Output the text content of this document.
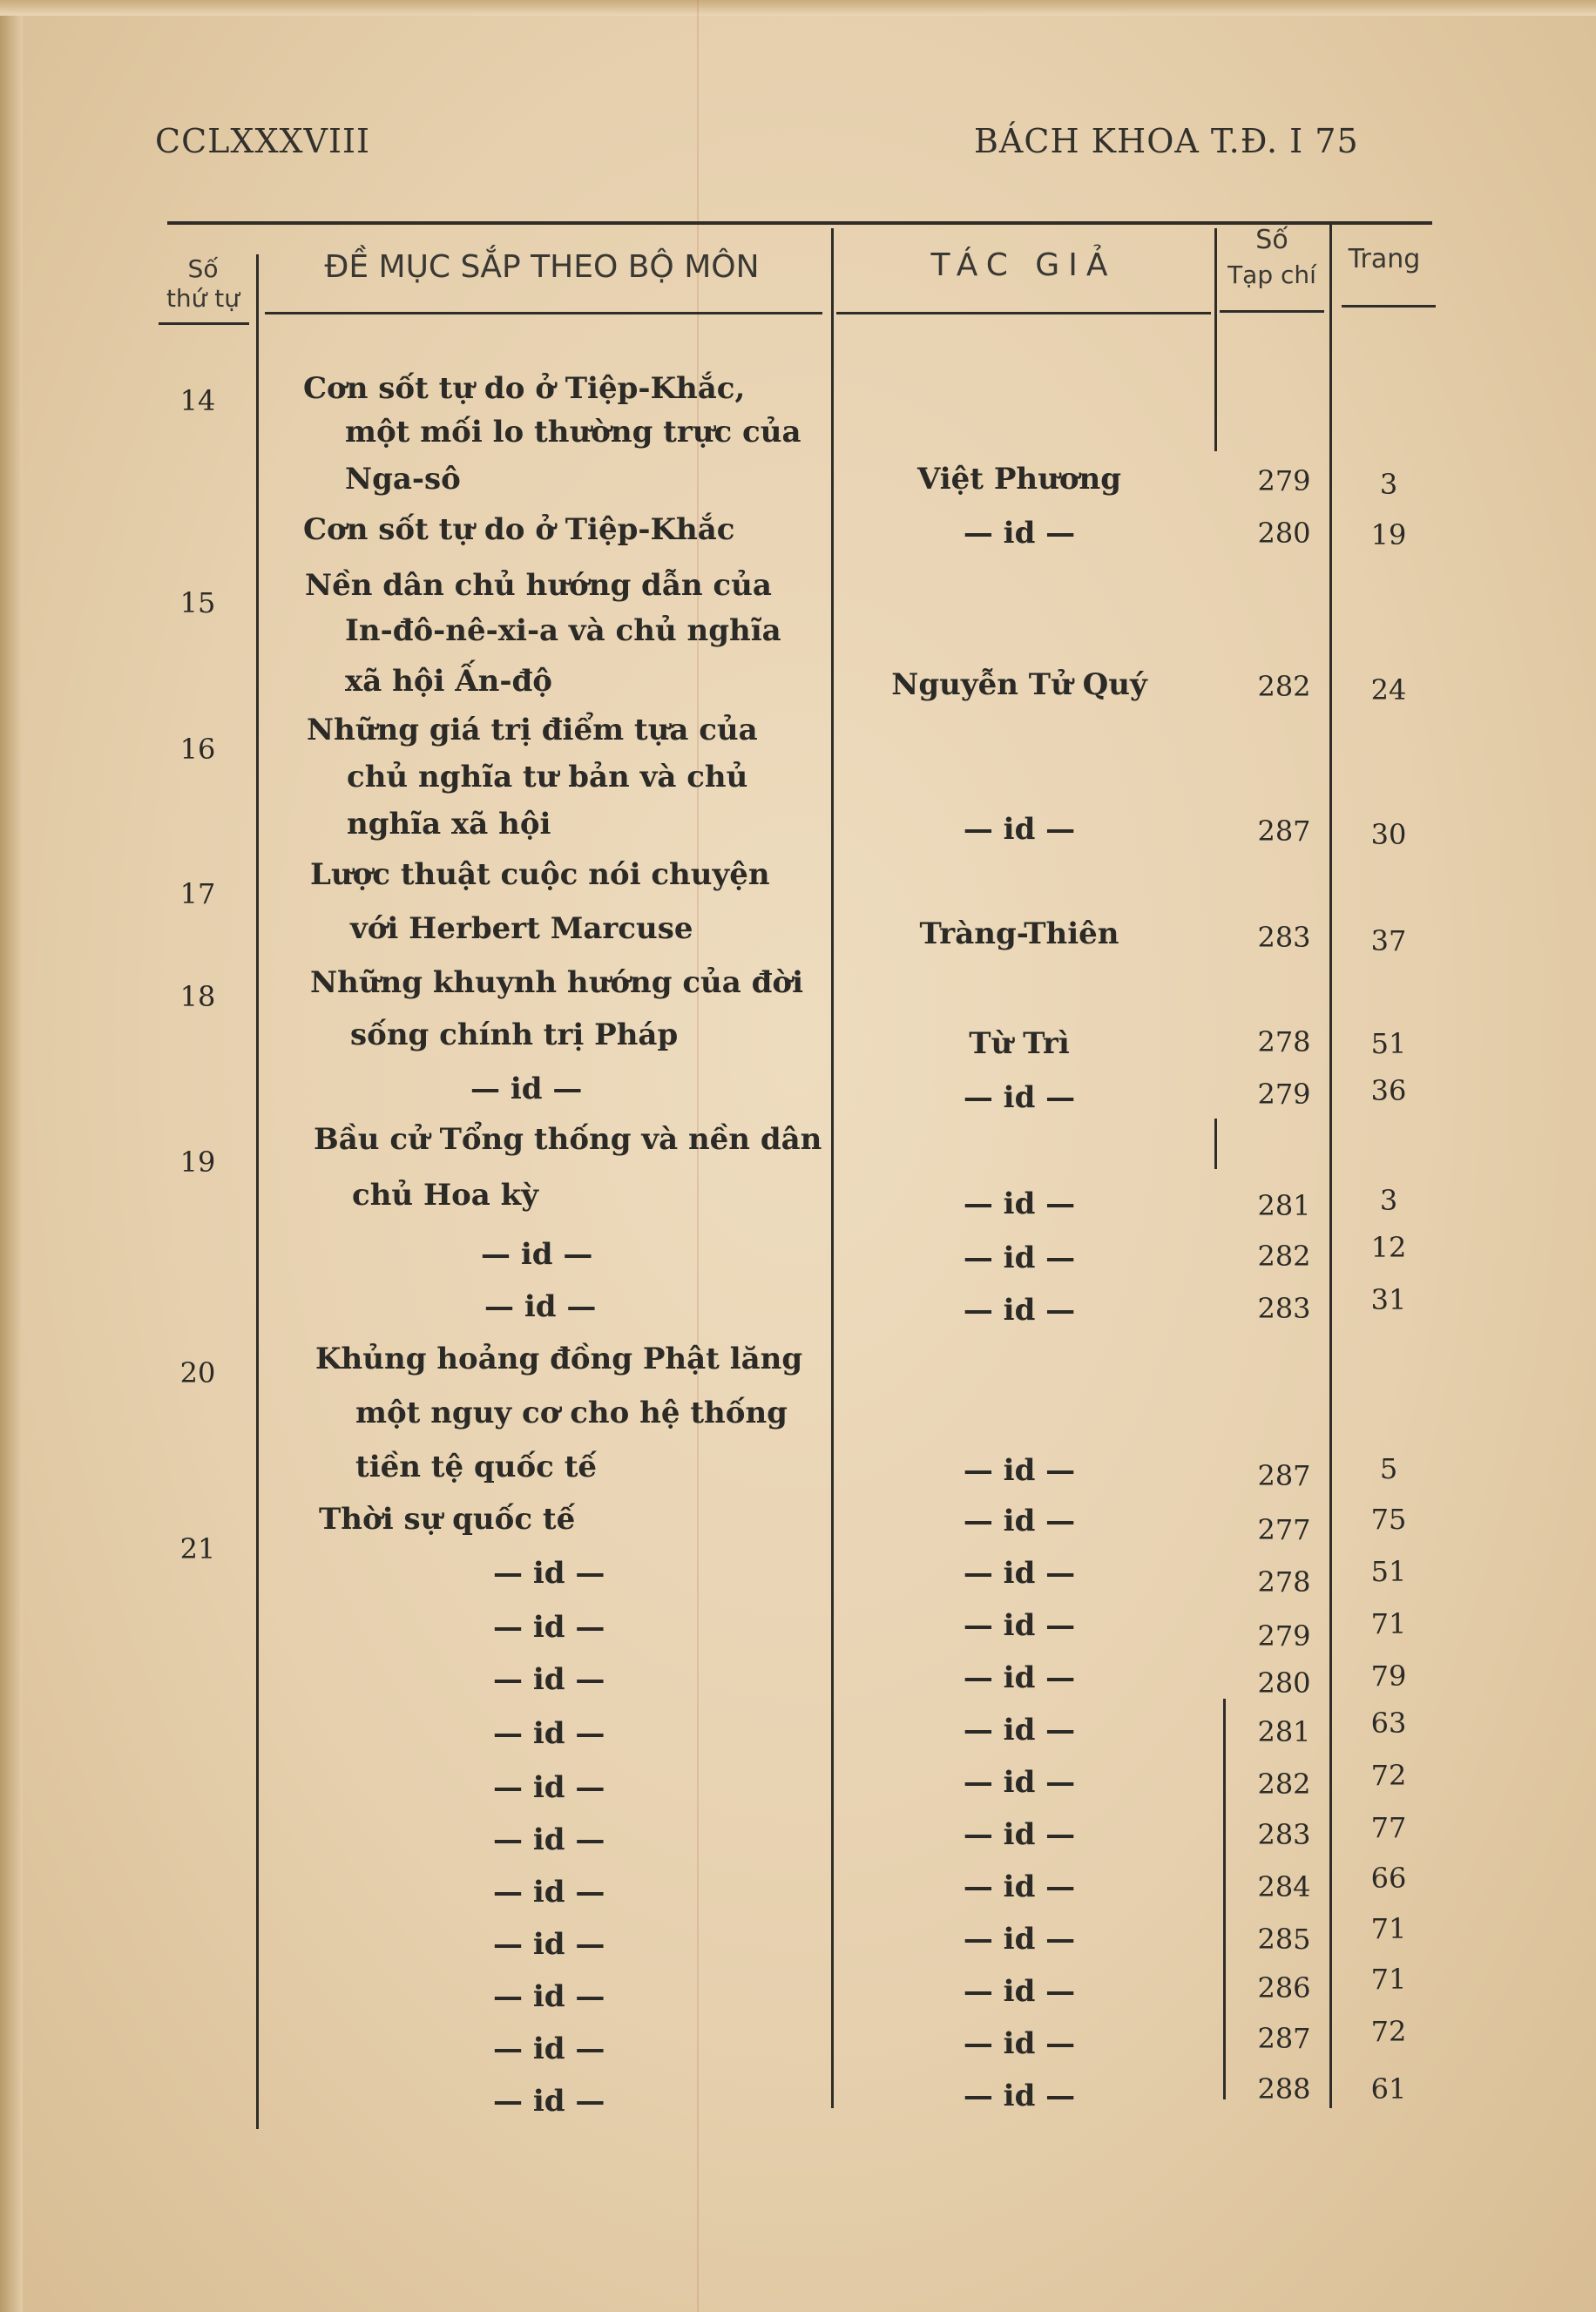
CCLXXXVIII	BÁCH KHOA T.Đ. I 75
Số
thứ tự
ĐỀ MỤC SẮP THEO BỘ MÔN	TÁC GIẢ
Số
Tạp chí
Trang
14	Cơn sốt tự do ở Tiệp-Khắc,
một mối lo thường trực của
Nga-sô	Việt Phương	279	3
Cơn sốt tự do ở Tiệp-Khắc	— id —	280	19
15	Nền dân chủ hướng dẫn của
In-đô-nê-xi-a và chủ nghĩa
xã hội Ấn-độ	Nguyễn Tử Quý	282	24
16
Những giá trị điểm tựa của
chủ nghĩa tư bản và chủ
nghĩa xã hội	— id —	287	30
17
Lược thuật cuộc nói chuyện
với Herbert Marcuse	Tràng-Thiên	283	37
18	Những khuynh hướng của đời
sống chính trị Pháp	Từ Trì	278	51
— id —	— id —	279	36
19
Bầu cử Tổng thống và nền dân
chủ Hoa kỳ	— id —	281	3
— id —	— id —	282	12
— id —	— id —	283	31
20	Khủng hoảng đồng Phật lăng
một nguy cơ cho hệ thống
tiền tệ quốc tế	— id —	287	5
21
Thời sự quốc tế	— id —	277	75
— id —	— id —	278	51
— id —	— id —	279	71
— id —	— id —	280	79
— id —	— id —	281	63
— id —	— id —	282	72
— id —	— id —	283	77
— id —	— id —	284	66
— id —	— id —	285	71
— id —	— id —	286	71
— id —	— id —	287	72
— id —	— id —	288	61
